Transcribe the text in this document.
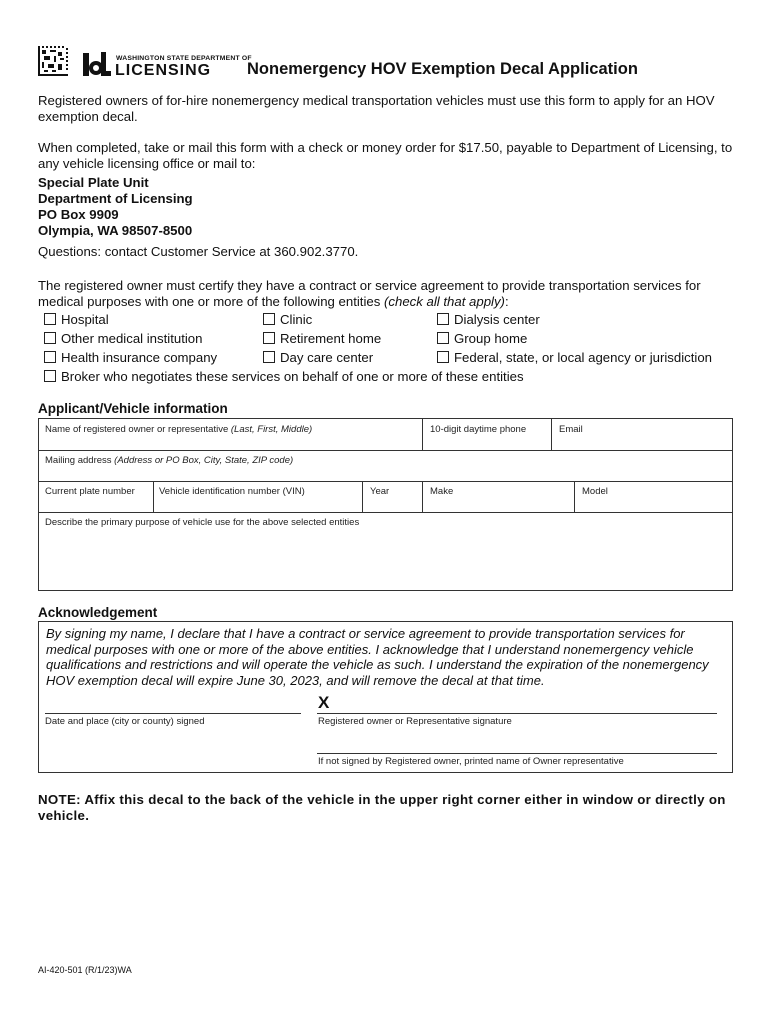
WASHINGTON STATE DEPARTMENT OF
LICENSING Nonemergency HOV Exemption Decal Application

Registered owners of for-hire nonemergency medical transportation vehicles must use this form to apply for an HOV exemption decal.

When completed, take or mail this form with a check or money order for $17.50, payable to Department of Licensing, to any vehicle licensing office or mail to:

Special Plate Unit
Department of Licensing
PO Box 9909
Olympia, WA 98507-8500

Questions: contact Customer Service at 360.902.3770.

The registered owner must certify they have a contract or service agreement to provide transportation services for medical purposes with one or more of the following entities (check all that apply):

Hospital	Clinic	Dialysis center
Other medical institution	Retirement home	Group home
Health insurance company	Day care center	Federal, state, or local agency or jurisdiction
Broker who negotiates these services on behalf of one or more of these entities
Applicant/Vehicle information
Name of registered owner or representative (Last, First, Middle)	10-digit daytime phone	Email
Mailing address (Address or PO Box, City, State, ZIP code)
Current plate number	Vehicle identification number (VIN)	Year	Make	Model
Describe the primary purpose of vehicle use for the above selected entities
Acknowledgement
By signing my name, I declare that I have a contract or service agreement to provide transportation services for medical purposes with one or more of the above entities. I acknowledge that I understand nonemergency vehicle qualifications and restrictions and will operate the vehicle as such. I understand the expiration of the nonemergency HOV exemption decal will expire June 30, 2023, and will remove the decal at that time.
X
Date and place (city or county) signed	Registered owner or Representative signature
If not signed by Registered owner, printed name of Owner representative
NOTE: Affix this decal to the back of the vehicle in the upper right corner either in window or directly on vehicle.
AI-420-501 (R/1/23)WA
